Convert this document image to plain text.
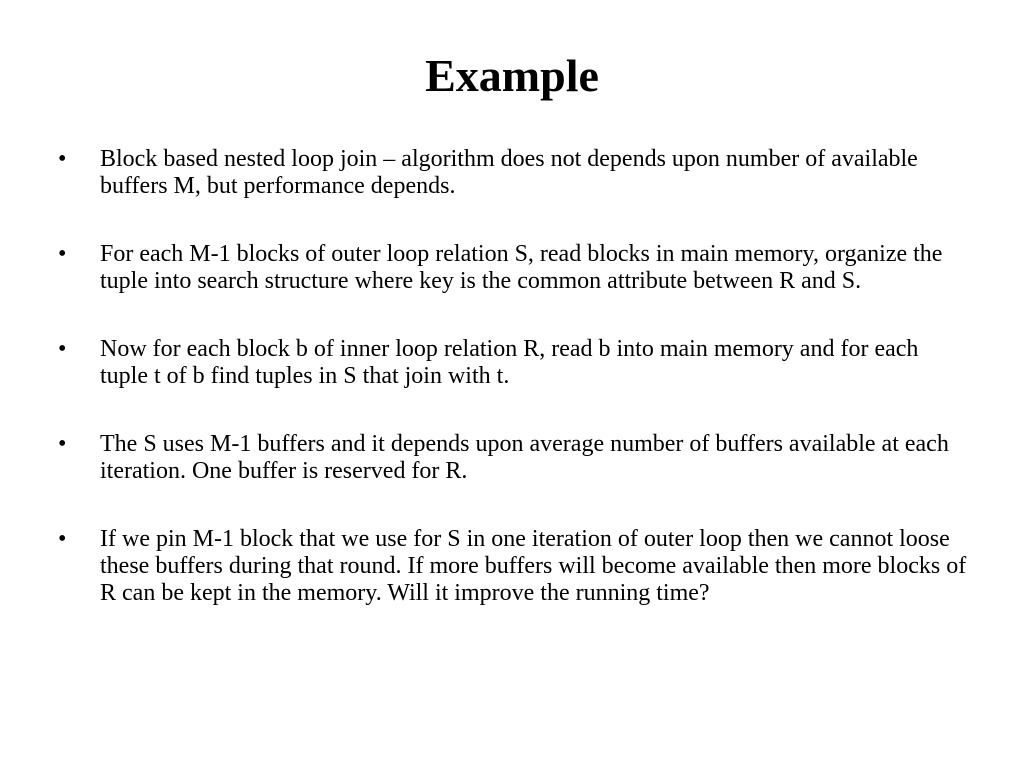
Example
•	Block based nested loop join – algorithm does not depends upon number of available buffers M, but performance depends.
•	For each M-1 blocks of outer loop relation S, read blocks in main memory, organize the tuple into search structure where key is the common attribute between R and S.
•	Now for each block b of inner loop relation R, read b into main memory and for each tuple t of b find tuples in S that join with t.
•	The S uses M-1 buffers and it depends upon average number of buffers available at each iteration. One buffer is reserved for R.
•	If we pin M-1 block that we use for S in one iteration of outer loop then we cannot loose these buffers during that round. If more buffers will become available then more blocks of R can be kept in the memory. Will it improve the running time?
